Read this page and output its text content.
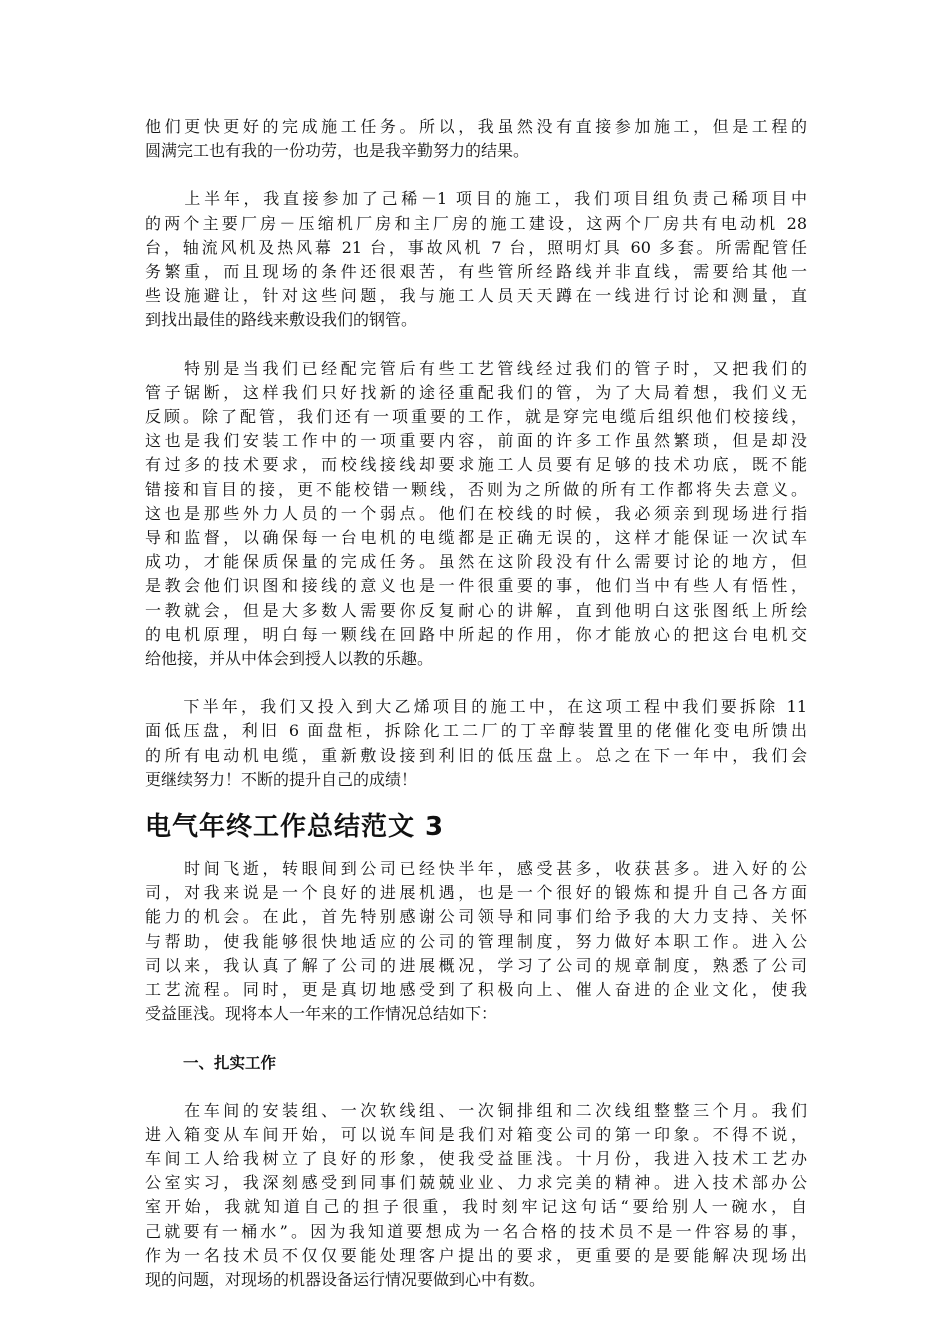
他们更快更好的完成施工任务。所以，我虽然没有直接参加施工，但是工程的
圆满完工也有我的一份功劳，也是我辛勤努力的结果。
　　上半年，我直接参加了己稀－1 项目的施工，我们项目组负责己稀项目中
的两个主要厂房－压缩机厂房和主厂房的施工建设，这两个厂房共有电动机 28
台，轴流风机及热风幕 21 台，事故风机 7 台，照明灯具 60 多套。所需配管任
务繁重，而且现场的条件还很艰苦，有些管所经路线并非直线，需要给其他一
些设施避让，针对这些问题，我与施工人员天天蹲在一线进行讨论和测量，直
到找出最佳的路线来敷设我们的钢管。
　　特别是当我们已经配完管后有些工艺管线经过我们的管子时，又把我们的
管子锯断，这样我们只好找新的途径重配我们的管，为了大局着想，我们义无
反顾。除了配管，我们还有一项重要的工作，就是穿完电缆后组织他们校接线，
这也是我们安装工作中的一项重要内容，前面的许多工作虽然繁琐，但是却没
有过多的技术要求，而校线接线却要求施工人员要有足够的技术功底，既不能
错接和盲目的接，更不能校错一颗线，否则为之所做的所有工作都将失去意义。
这也是那些外力人员的一个弱点。他们在校线的时候，我必须亲到现场进行指
导和监督，以确保每一台电机的电缆都是正确无误的，这样才能保证一次试车
成功，才能保质保量的完成任务。虽然在这阶段没有什么需要讨论的地方，但
是教会他们识图和接线的意义也是一件很重要的事，他们当中有些人有悟性，
一教就会，但是大多数人需要你反复耐心的讲解，直到他明白这张图纸上所绘
的电机原理，明白每一颗线在回路中所起的作用，你才能放心的把这台电机交
给他接，并从中体会到授人以教的乐趣。
　　下半年，我们又投入到大乙烯项目的施工中，在这项工程中我们要拆除 11
面低压盘，利旧 6 面盘柜，拆除化工二厂的丁辛醇装置里的佬催化变电所馈出
的所有电动机电缆，重新敷设接到利旧的低压盘上。总之在下一年中，我们会
更继续努力！不断的提升自己的成绩！
电气年终工作总结范文 3
　　时间飞逝，转眼间到公司已经快半年，感受甚多，收获甚多。进入好的公
司，对我来说是一个良好的进展机遇，也是一个很好的锻炼和提升自己各方面
能力的机会。在此，首先特别感谢公司领导和同事们给予我的大力支持、关怀
与帮助，使我能够很快地适应的公司的管理制度，努力做好本职工作。进入公
司以来，我认真了解了公司的进展概况，学习了公司的规章制度，熟悉了公司
工艺流程。同时，更是真切地感受到了积极向上、催人奋进的企业文化，使我
受益匪浅。现将本人一年来的工作情况总结如下：
一、扎实工作
　　在车间的安装组、一次软线组、一次铜排组和二次线组整整三个月。我们
进入箱变从车间开始，可以说车间是我们对箱变公司的第一印象。不得不说，
车间工人给我树立了良好的形象，使我受益匪浅。十月份，我进入技术工艺办
公室实习，我深刻感受到同事们兢兢业业、力求完美的精神。进入技术部办公
室开始，我就知道自己的担子很重，我时刻牢记这句话“要给别人一碗水，自
己就要有一桶水”。因为我知道要想成为一名合格的技术员不是一件容易的事，
作为一名技术员不仅仅要能处理客户提出的要求，更重要的是要能解决现场出
现的问题，对现场的机器设备运行情况要做到心中有数。
